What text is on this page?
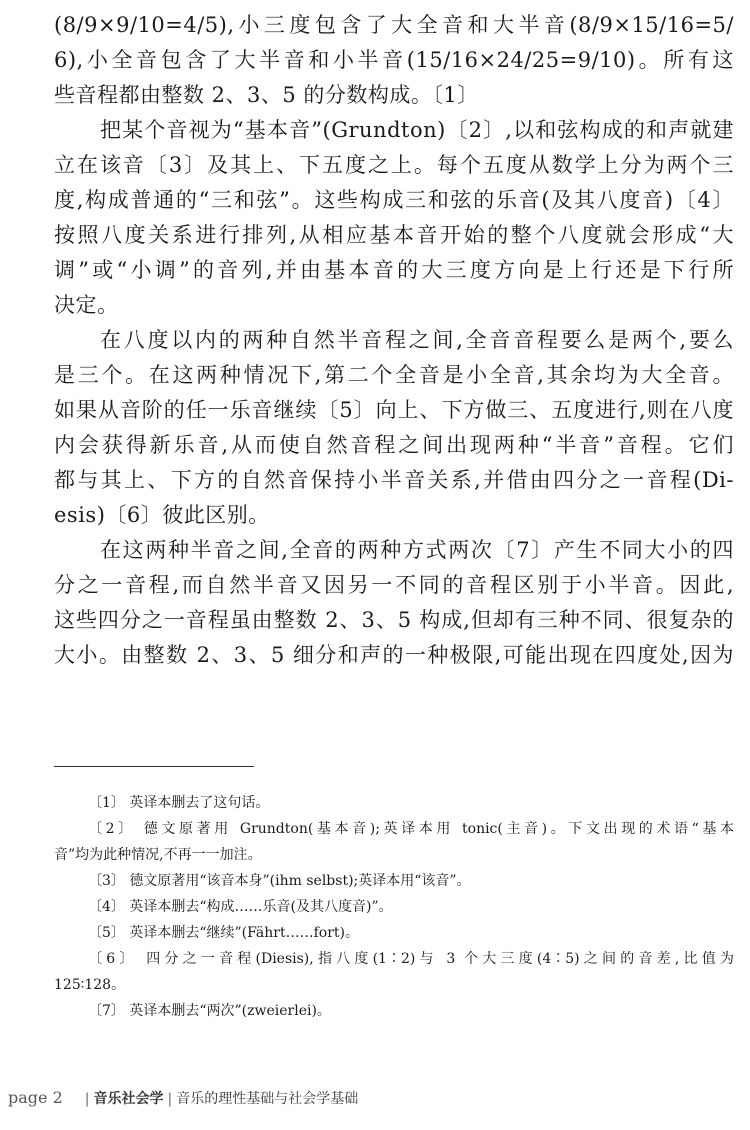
(8/9×9/10=4/5),小三度包含了大全音和大半音(8/9×15/16=5/
6),小全音包含了大半音和小半音(15/16×24/25=9/10)。所有这
些音程都由整数 2、3、5 的分数构成。〔1〕
把某个音视为“基本音”(Grundton)〔2〕,以和弦构成的和声就建
立在该音〔3〕及其上、下五度之上。每个五度从数学上分为两个三
度,构成普通的“三和弦”。这些构成三和弦的乐音(及其八度音)〔4〕
按照八度关系进行排列,从相应基本音开始的整个八度就会形成“大
调”或“小调”的音列,并由基本音的大三度方向是上行还是下行所
决定。
在八度以内的两种自然半音程之间,全音音程要么是两个,要么
是三个。在这两种情况下,第二个全音是小全音,其余均为大全音。
如果从音阶的任一乐音继续〔5〕向上、下方做三、五度进行,则在八度
内会获得新乐音,从而使自然音程之间出现两种“半音”音程。它们
都与其上、下方的自然音保持小半音关系,并借由四分之一音程(Di-
esis)〔6〕彼此区别。
在这两种半音之间,全音的两种方式两次〔7〕产生不同大小的四
分之一音程,而自然半音又因另一不同的音程区别于小半音。因此,
这些四分之一音程虽由整数 2、3、5 构成,但却有三种不同、很复杂的
大小。由整数 2、3、5 细分和声的一种极限,可能出现在四度处,因为
〔1〕 英译本删去了这句话。
〔2〕 德文原著用 Grundton(基本音);英译本用 tonic(主音)。下文出现的术语“基本
音”均为此种情况,不再一一加注。
〔3〕 德文原著用“该音本身”(ihm selbst);英译本用“该音”。
〔4〕 英译本删去“构成……乐音(及其八度音)”。
〔5〕 英译本删去“继续”(Fährt……fort)。
〔6〕 四分之一音程(Diesis),指八度(1∶2)与 3 个大三度(4∶5)之间的音差,比值为
125∶128。
〔7〕 英译本删去“两次”(zweierlei)。
page 2 | 音乐社会学 | 音乐的理性基础与社会学基础
